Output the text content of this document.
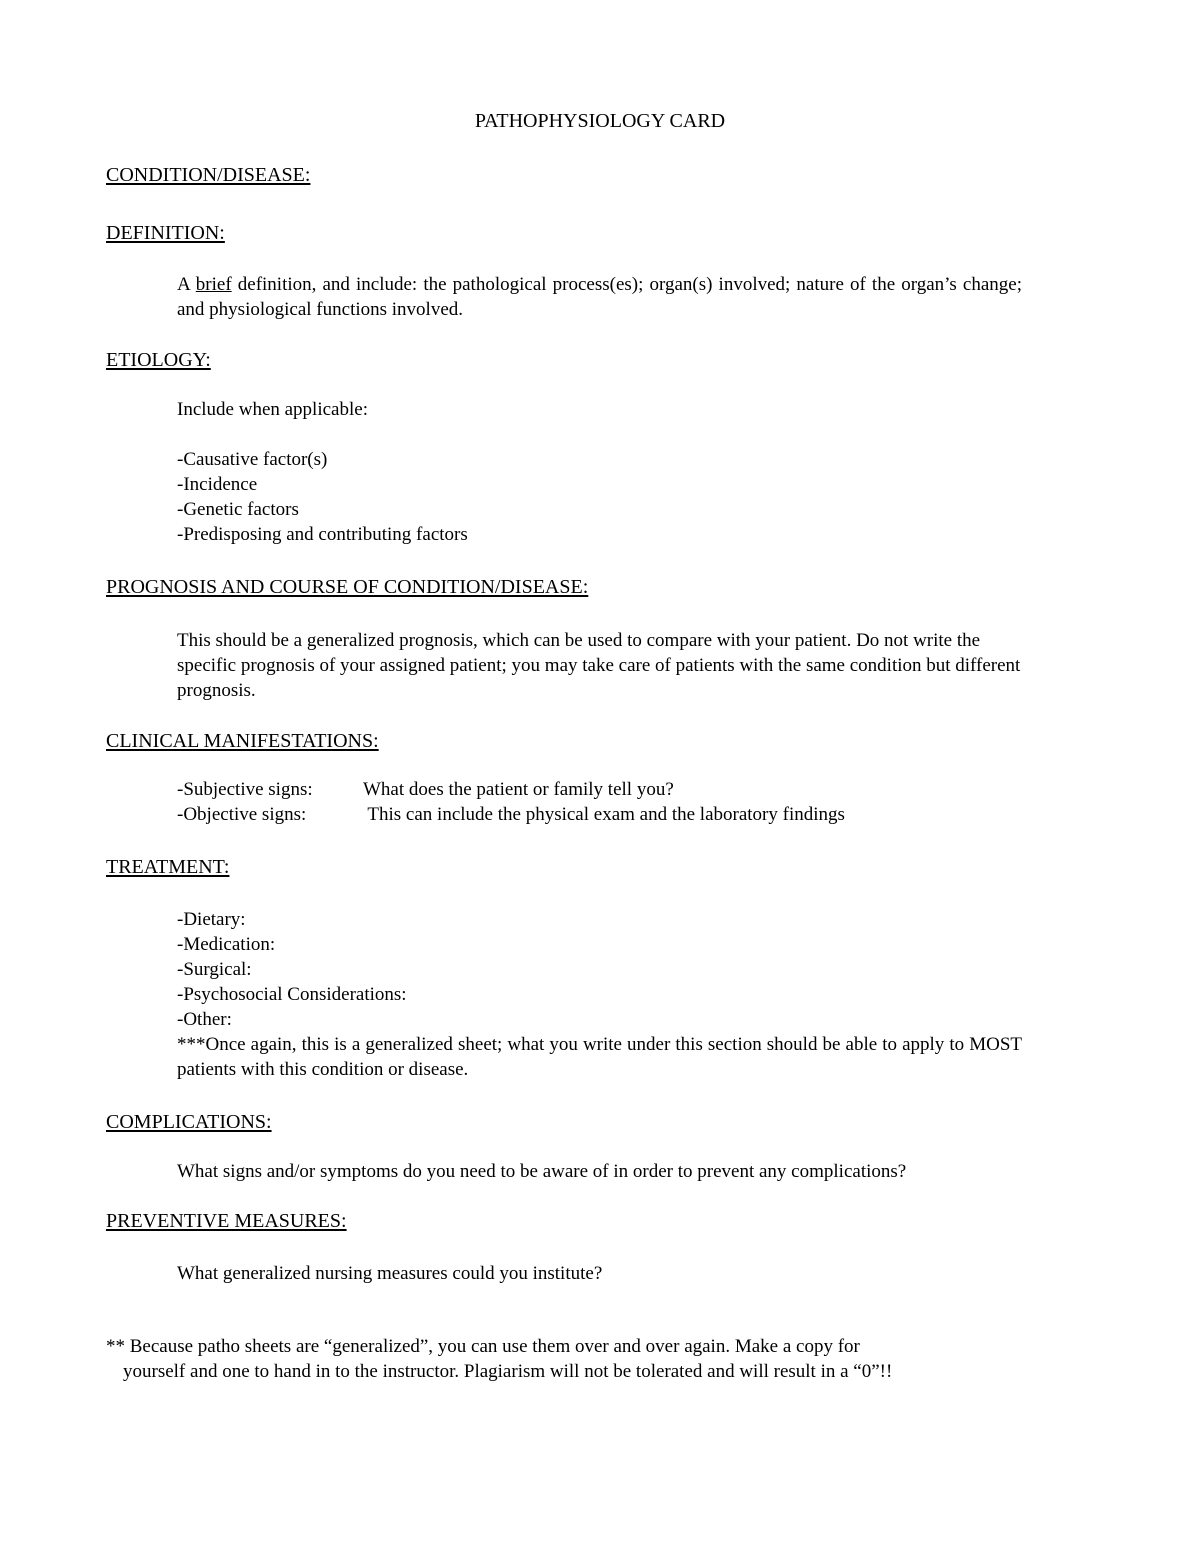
PATHOPHYSIOLOGY CARD
CONDITION/DISEASE:
DEFINITION:
A brief definition, and include: the pathological process(es); organ(s) involved; nature of the organ’s change; and physiological functions involved.
ETIOLOGY:
Include when applicable:
-Causative factor(s)
-Incidence
-Genetic factors
-Predisposing and contributing factors
PROGNOSIS AND COURSE OF CONDITION/DISEASE:
This should be a generalized prognosis, which can be used to compare with your patient. Do not write the specific prognosis of your assigned patient; you may take care of patients with the same condition but different prognosis.
CLINICAL MANIFESTATIONS:
-Subjective signs:	What does the patient or family tell you?
-Objective signs:	This can include the physical exam and the laboratory findings
TREATMENT:
-Dietary:
-Medication:
-Surgical:
-Psychosocial Considerations:
-Other:
***Once again, this is a generalized sheet; what you write under this section should be able to apply to MOST patients with this condition or disease.
COMPLICATIONS:
What signs and/or symptoms do you need to be aware of in order to prevent any complications?
PREVENTIVE MEASURES:
What generalized nursing measures could you institute?
** Because patho sheets are “generalized”, you can use them over and over again. Make a copy for
yourself and one to hand in to the instructor. Plagiarism will not be tolerated and will result in a “0”!!
